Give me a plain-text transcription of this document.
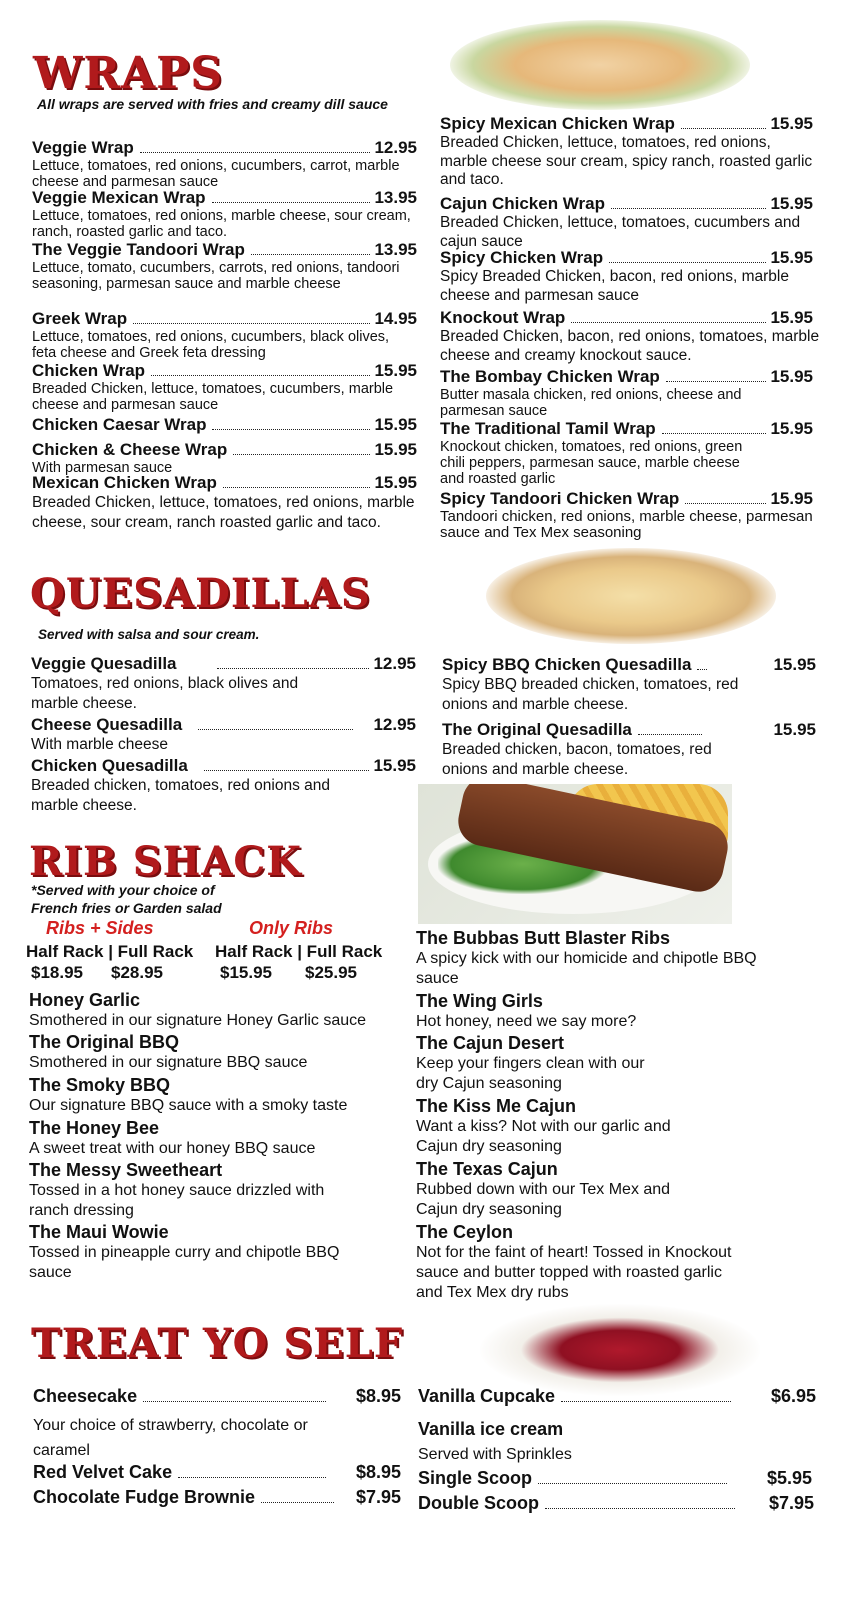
WRAPS
All wraps are served with fries and creamy dill sauce
Veggie Wrap	12.95
Lettuce, tomatoes, red onions, cucumbers, carrot, marble cheese and parmesan sauce
Veggie Mexican Wrap	13.95
Lettuce, tomatoes, red onions, marble cheese, sour cream, ranch, roasted garlic and taco.
The Veggie Tandoori Wrap	13.95
Lettuce, tomato, cucumbers, carrots, red onions, tandoori seasoning, parmesan sauce and marble cheese
Greek Wrap	14.95
Lettuce, tomatoes, red onions, cucumbers, black olives, feta cheese and Greek feta dressing
Chicken Wrap	15.95
Breaded Chicken, lettuce, tomatoes, cucumbers, marble cheese and parmesan sauce
Chicken Caesar Wrap	15.95
Chicken & Cheese Wrap	15.95
With parmesan sauce
Mexican Chicken Wrap	15.95
Breaded Chicken, lettuce, tomatoes, red onions, marble cheese, sour cream, ranch roasted garlic and taco.
Spicy Mexican Chicken Wrap	15.95
Breaded Chicken, lettuce, tomatoes, red onions, marble cheese sour cream, spicy ranch, roasted garlic and taco.
Cajun Chicken Wrap	15.95
Breaded Chicken, lettuce, tomatoes, cucumbers and cajun sauce
Spicy Chicken Wrap	15.95
Spicy Breaded Chicken, bacon, red onions, marble cheese and parmesan sauce
Knockout Wrap	15.95
Breaded Chicken, bacon, red onions, tomatoes, marble cheese and creamy knockout sauce.
The Bombay Chicken Wrap	15.95
Butter masala chicken, red onions, cheese and parmesan sauce
The Traditional Tamil Wrap	15.95
Knockout chicken, tomatoes, red onions, green chili peppers, parmesan sauce, marble cheese and roasted garlic
Spicy Tandoori Chicken Wrap	15.95
Tandoori chicken, red onions, marble cheese, parmesan sauce and Tex Mex seasoning
QUESADILLAS
Served with salsa and sour cream.
Veggie Quesadilla	12.95
Tomatoes, red onions, black olives and marble cheese.
Cheese Quesadilla	12.95
With marble cheese
Chicken Quesadilla	15.95
Breaded chicken, tomatoes, red onions and marble cheese.
Spicy BBQ Chicken Quesadilla	15.95
Spicy BBQ breaded chicken, tomatoes, red onions and marble cheese.
The Original Quesadilla	15.95
Breaded chicken, bacon, tomatoes, red onions and marble cheese.
RIB SHACK
*Served with your choice of
French fries or Garden salad
Ribs + Sides	Only Ribs
Half Rack | Full Rack Half Rack | Full Rack
$18.95 $28.95	$15.95 $25.95
Honey Garlic
Smothered in our signature Honey Garlic sauce
The Original BBQ
Smothered in our signature BBQ sauce
The Smoky BBQ
Our signature BBQ sauce with a smoky taste
The Honey Bee
A sweet treat with our honey BBQ sauce
The Messy Sweetheart
Tossed in a hot honey sauce drizzled with ranch dressing
The Maui Wowie
Tossed in pineapple curry and chipotle BBQ sauce
The Bubbas Butt Blaster Ribs
A spicy kick with our homicide and chipotle BBQ sauce
The Wing Girls
Hot honey, need we say more?
The Cajun Desert
Keep your fingers clean with our dry Cajun seasoning
The Kiss Me Cajun
Want a kiss? Not with our garlic and Cajun dry seasoning
The Texas Cajun
Rubbed down with our Tex Mex and Cajun dry seasoning
The Ceylon
Not for the faint of heart! Tossed in Knockout sauce and butter topped with roasted garlic and Tex Mex dry rubs
TREAT YO SELF
Cheesecake	$8.95
Your choice of strawberry, chocolate or caramel
Red Velvet Cake	$8.95
Chocolate Fudge Brownie	$7.95
Vanilla Cupcake	$6.95
Vanilla ice cream
Served with Sprinkles
Single Scoop	$5.95
Double Scoop	$7.95
